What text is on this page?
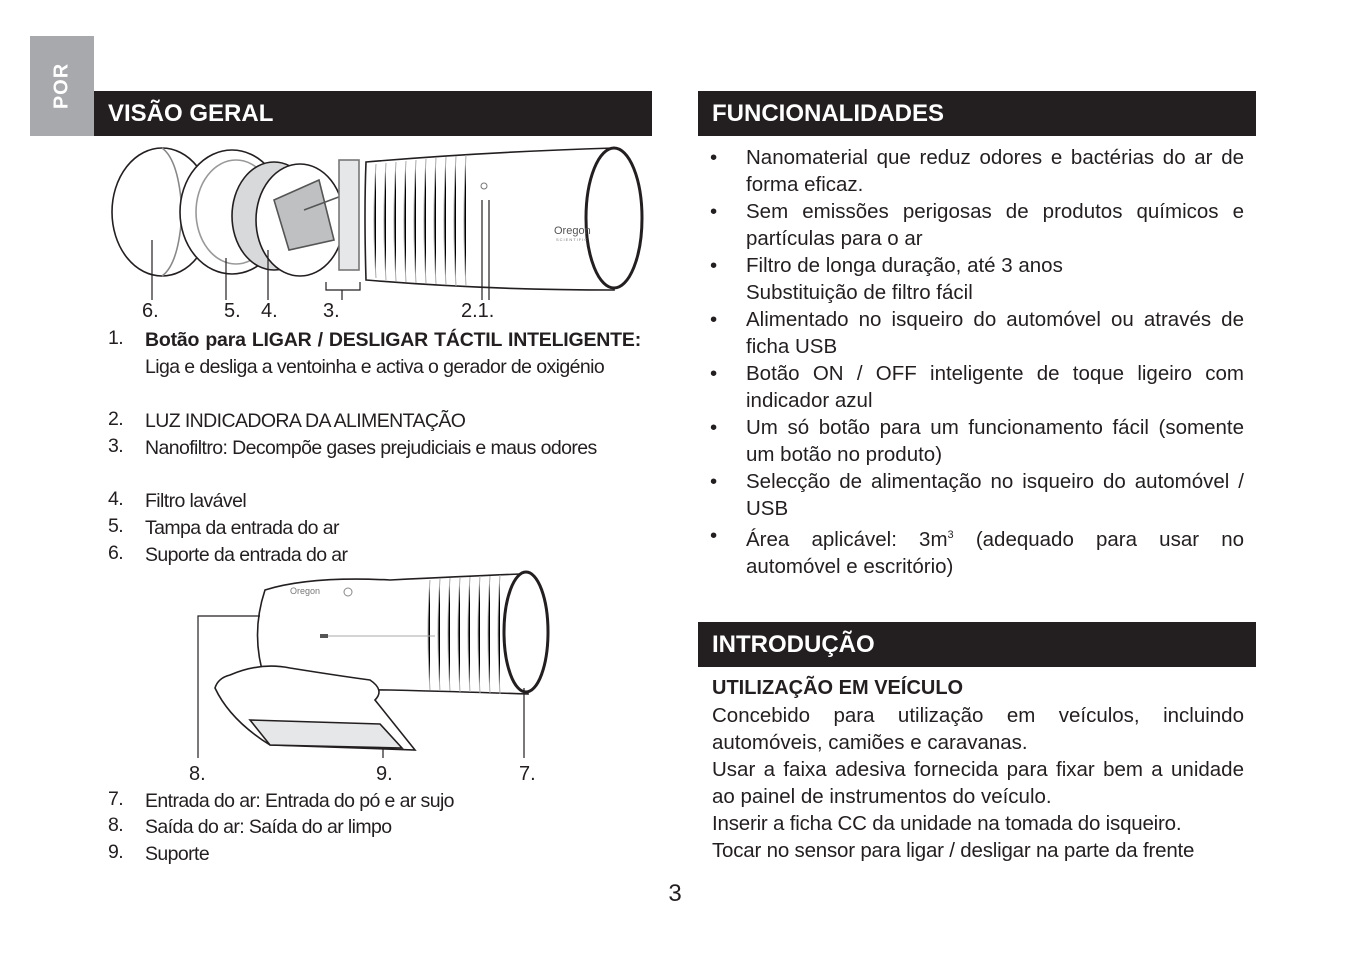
POR
VISÃO GERAL
Oregon
SCIENTIFIC
6.	5. 4. 3.	2.1.
1. Botão para LIGAR / DESLIGAR TÁCTIL INTELIGENTE: Liga e desliga a ventoinha e activa o gerador de oxigénio
2. LUZ INDICADORA DA ALIMENTAÇÃO
3. Nanofiltro: Decompõe gases prejudiciais e maus odores
4. Filtro lavável
5. Tampa da entrada do ar
6. Suporte da entrada do ar
Oregon
8.	9.	7.
7. Entrada do ar: Entrada do pó e ar sujo
8. Saída do ar: Saída do ar limpo
9. Suporte
FUNCIONALIDADES
• Nanomaterial que reduz odores e bactérias do ar de forma eficaz.
• Sem emissões perigosas de produtos químicos e partículas para o ar
• Filtro de longa duração, até 3 anos
Substituição de filtro fácil
• Alimentado no isqueiro do automóvel ou através de ficha USB
• Botão ON / OFF inteligente de toque ligeiro com indicador azul
• Um só botão para um funcionamento fácil (somente um botão no produto)
• Selecção de alimentação no isqueiro do automóvel / USB
• Área aplicável: $3m^3$ (adequado para usar no automóvel e escritório)
INTRODUÇÃO
UTILIZAÇÃO EM VEÍCULO
Concebido para utilização em veículos, incluindo automóveis, camiões e caravanas.
Usar a faixa adesiva fornecida para fixar bem a unidade ao painel de instrumentos do veículo.
Inserir a ficha CC da unidade na tomada do isqueiro.
Tocar no sensor para ligar / desligar na parte da frente
3
